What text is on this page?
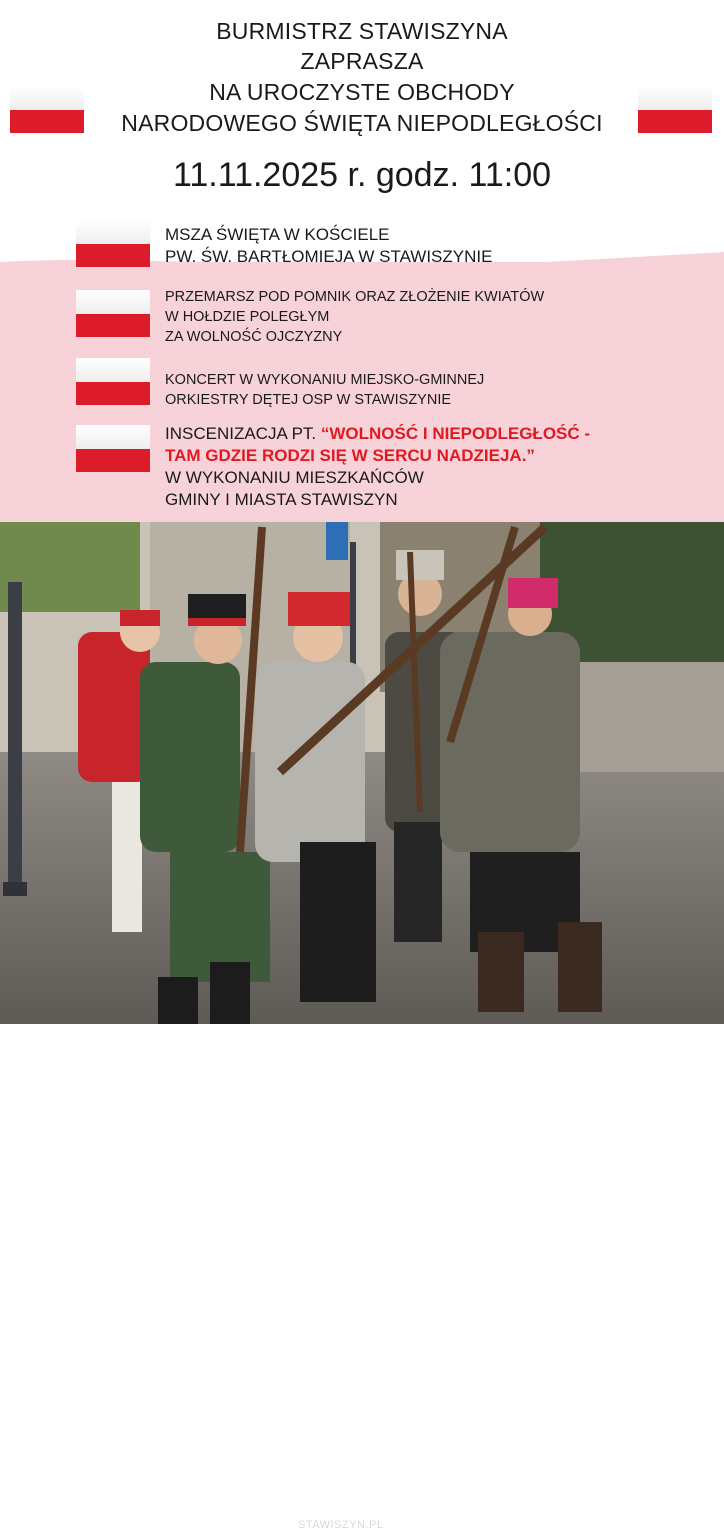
BURMISTRZ STAWISZYNA
ZAPRASZA
NA UROCZYSTE OBCHODY
NARODOWEGO ŚWIĘTA NIEPODLEGŁOŚCI
11.11.2025 r. godz. 11:00
MSZA ŚWIĘTA W KOŚCIELE
PW. ŚW. BARTŁOMIEJA W STAWISZYNIE
PRZEMARSZ POD POMNIK ORAZ ZŁOŻENIE KWIATÓW
W HOŁDZIE POLEGŁYM
ZA WOLNOŚĆ OJCZYZNY
KONCERT W WYKONANIU MIEJSKO-GMINNEJ
ORKIESTRY DĘTEJ OSP W STAWISZYNIE
INSCENIZACJA PT. “WOLNOŚĆ I NIEPODLEGŁOŚĆ -
TAM GDZIE RODZI SIĘ W SERCU NADZIEJA.”
W WYKONANIU MIESZKAŃCÓW
GMINY I MIASTA STAWISZYN
STAWISZYN.PL
